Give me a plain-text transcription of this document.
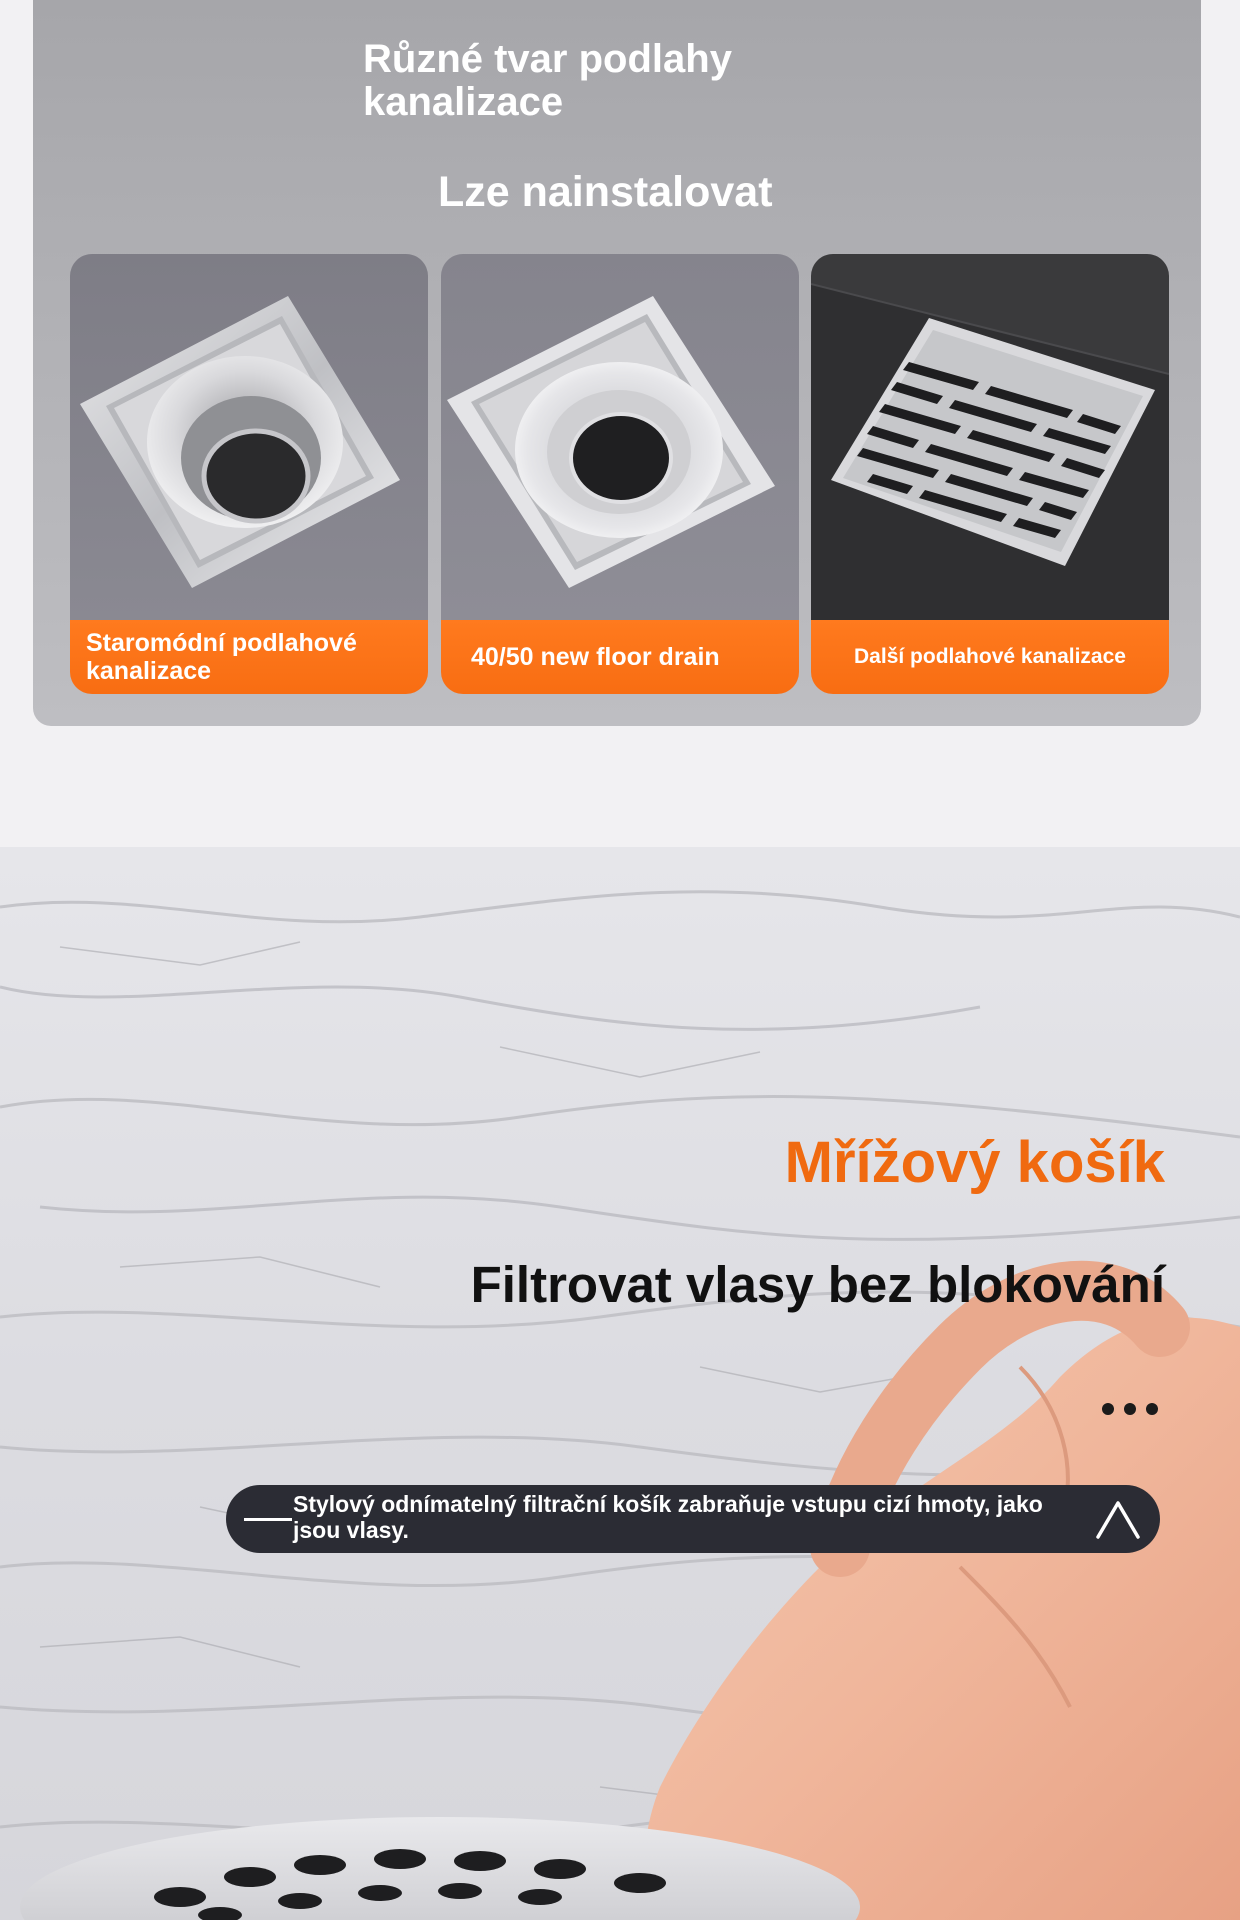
Různé tvar podlahy kanalizace
Lze nainstalovat
Staromódní podlahové kanalizace	40/50 new floor drain	Další podlahové kanalizace
Mřížový košík
Filtrovat vlasy bez blokování
Stylový odnímatelný filtrační košík zabraňuje vstupu cizí hmoty, jako jsou vlasy.
